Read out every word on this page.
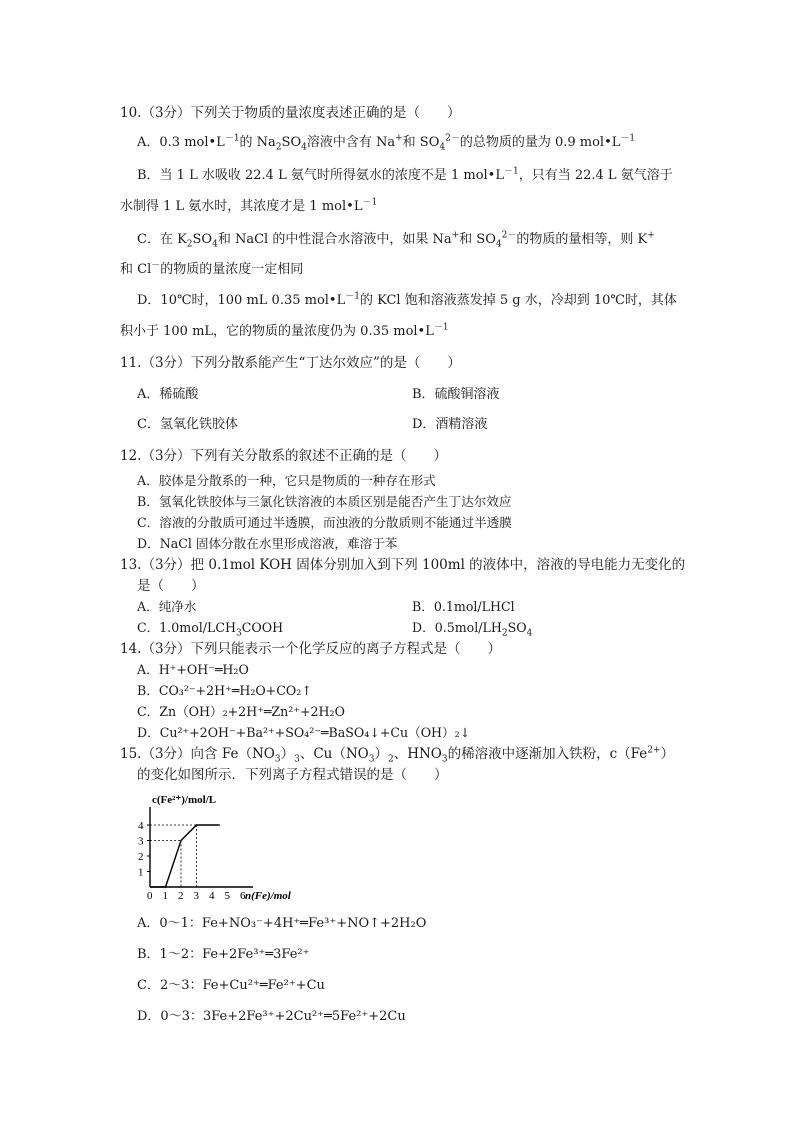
10.（3分）下列关于物质的量浓度表述正确的是（　　）
A．0.3 $mol•L^{-1}$的 $Na_2SO_4$溶液中含有 Na+和 $SO_4^{2-}$的总物质的量为 0.9 $mol•L^{-1}$
B．当 1 L 水吸收 22.4 L 氨气时所得氨水的浓度不是 1 $mol•L^{-1}$，只有当 22.4 L 氨气溶于
水制得 1 L 氨水时，其浓度才是 1 $mol•L^{-1}$
C．在 $K_2SO_4$和 NaCl 的中性混合水溶液中，如果 Na+和 $SO_4^{2-}$的物质的量相等，则 K+
和 Cl－的物质的量浓度一定相同
D．10℃时，100 mL 0.35 $mol•L^{-1}$的 KCl 饱和溶液蒸发掉 5 g 水，冷却到 10℃时，其体
积小于 100 mL，它的物质的量浓度仍为 0.35 $mol•L^{-1}$
11.（3分）下列分散系能产生“丁达尔效应”的是（　　）
A．稀硫酸	B．硫酸铜溶液
C．氢氧化铁胶体	D．酒精溶液
12.（3分）下列有关分散系的叙述不正确的是（　　）
A．胶体是分散系的一种，它只是物质的一种存在形式
B．氢氧化铁胶体与三氯化铁溶液的本质区别是能否产生丁达尔效应
C．溶液的分散质可通过半透膜，而浊液的分散质则不能通过半透膜
D．NaCl 固体分散在水里形成溶液，难溶于苯
13.（3分）把 0.1mol KOH 固体分别加入到下列 100ml 的液体中，溶液的导电能力无变化的
是（　　）
A．纯净水	B．0.1mol/LHCl
C．$1.0mol/LCH_3COOH$	D．$0.5mol/LH_2SO_4$
14.（3分）下列只能表示一个化学反应的离子方程式是（　　）
A．H⁺+OH⁻═H₂O
B．CO₃²⁻+2H⁺═H₂O+CO₂↑
C．Zn（OH）₂+2H⁺═Zn²⁺+2H₂O
D．Cu²⁺+2OH⁻+Ba²⁺+SO₄²⁻═BaSO₄↓+Cu（OH）₂↓
15.（3分）向含 $Fe(NO_3)_3$、$Cu(NO_3)_2$、$HNO_3$的稀溶液中逐渐加入铁粉，$c(Fe^{2+})$
的变化如图所示．下列离子方程式错误的是（　　）
c(Fe²⁺)/mol/L
n(Fe)/mol
0 1 2 3 4 5 6
1
2
3
4
A．0～1：Fe+NO₃⁻+4H⁺═Fe³⁺+NO↑+2H₂O
B．1～2：Fe+2Fe³⁺═3Fe²⁺
C．2～3：Fe+Cu²⁺═Fe²⁺+Cu
D．0～3：3Fe+2Fe³⁺+2Cu²⁺═5Fe²⁺+2Cu
